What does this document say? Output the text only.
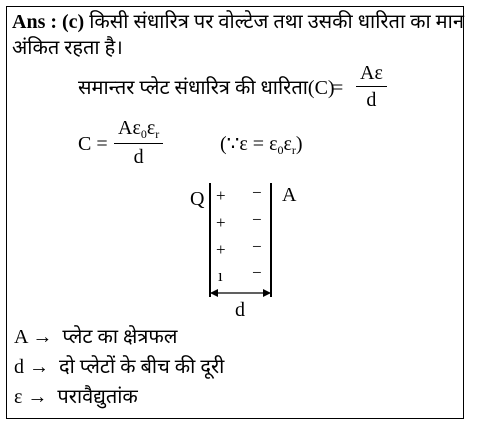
Ans : (c) किसी संधारित्र पर वोल्टेज तथा उसकी धारिता का मान
अंकित रहता है।
समान्तर प्लेट संधारित्र की धारिता(C)
= $\frac{A\varepsilon}{d}$
$C = \frac{A\varepsilon_0\varepsilon_r}{d}$	(∵ε = $\varepsilon_0\varepsilon_r$)
Q	A
+
+
+
ı
−
−
−
−
d
A → प्लेट का क्षेत्रफल
d → दो प्लेटों के बीच की दूरी
ε → परावैद्युतांक
